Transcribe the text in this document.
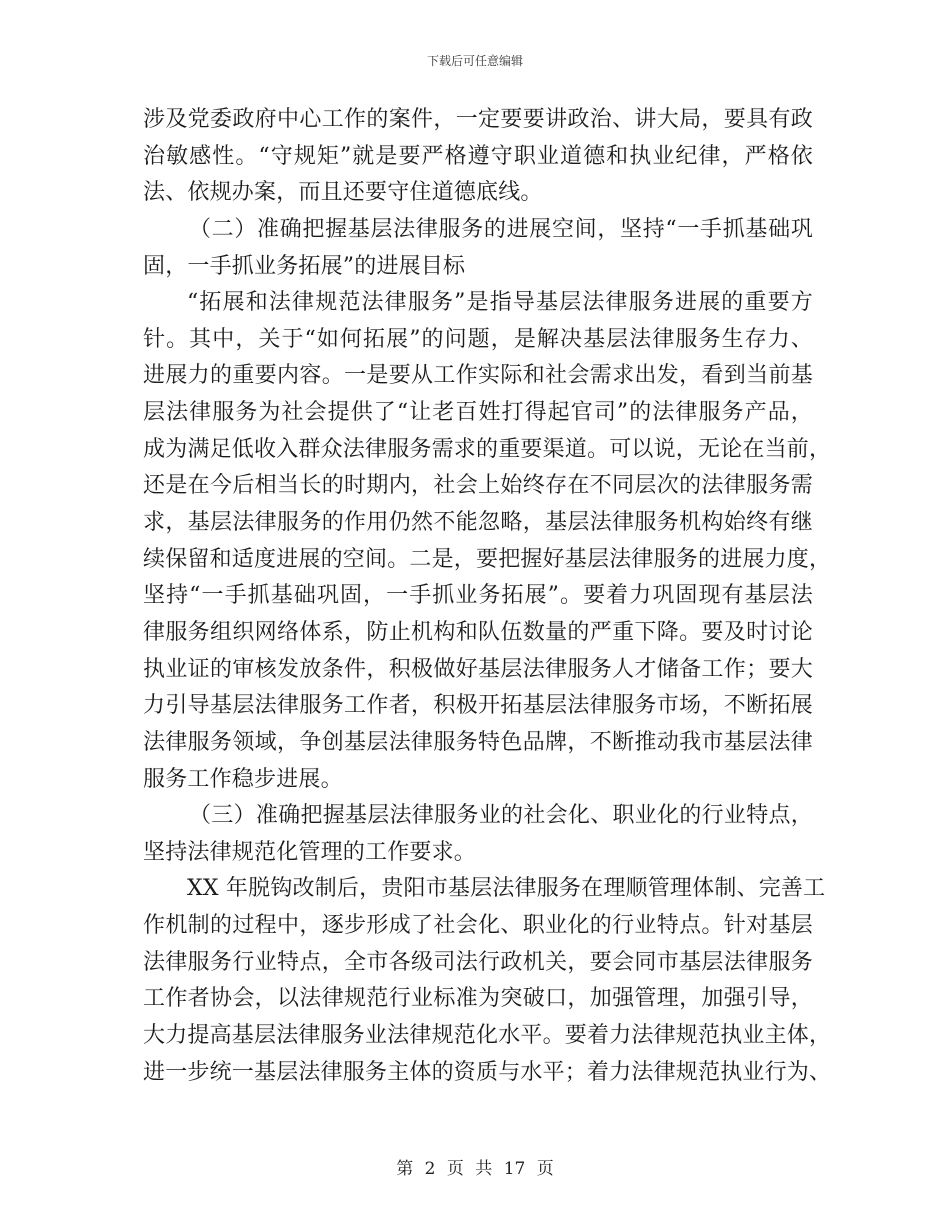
下载后可任意编辑
涉及党委政府中心工作的案件，一定要要讲政治、讲大局，要具有政
治敏感性。“守规矩”就是要严格遵守职业道德和执业纪律，严格依
法、依规办案，而且还要守住道德底线。
（二）准确把握基层法律服务的进展空间，坚持“一手抓基础巩
固，一手抓业务拓展”的进展目标
“拓展和法律规范法律服务”是指导基层法律服务进展的重要方
针。其中，关于“如何拓展”的问题，是解决基层法律服务生存力、
进展力的重要内容。一是要从工作实际和社会需求出发，看到当前基
层法律服务为社会提供了“让老百姓打得起官司”的法律服务产品，
成为满足低收入群众法律服务需求的重要渠道。可以说，无论在当前，
还是在今后相当长的时期内，社会上始终存在不同层次的法律服务需
求，基层法律服务的作用仍然不能忽略，基层法律服务机构始终有继
续保留和适度进展的空间。二是，要把握好基层法律服务的进展力度，
坚持“一手抓基础巩固，一手抓业务拓展”。要着力巩固现有基层法
律服务组织网络体系，防止机构和队伍数量的严重下降。要及时讨论
执业证的审核发放条件，积极做好基层法律服务人才储备工作；要大
力引导基层法律服务工作者，积极开拓基层法律服务市场，不断拓展
法律服务领域，争创基层法律服务特色品牌，不断推动我市基层法律
服务工作稳步进展。
（三）准确把握基层法律服务业的社会化、职业化的行业特点，
坚持法律规范化管理的工作要求。
XX 年脱钩改制后，贵阳市基层法律服务在理顺管理体制、完善工
作机制的过程中，逐步形成了社会化、职业化的行业特点。针对基层
法律服务行业特点，全市各级司法行政机关，要会同市基层法律服务
工作者协会，以法律规范行业标准为突破口，加强管理，加强引导，
大力提高基层法律服务业法律规范化水平。要着力法律规范执业主体，
进一步统一基层法律服务主体的资质与水平；着力法律规范执业行为、
第 2 页 共 17 页
